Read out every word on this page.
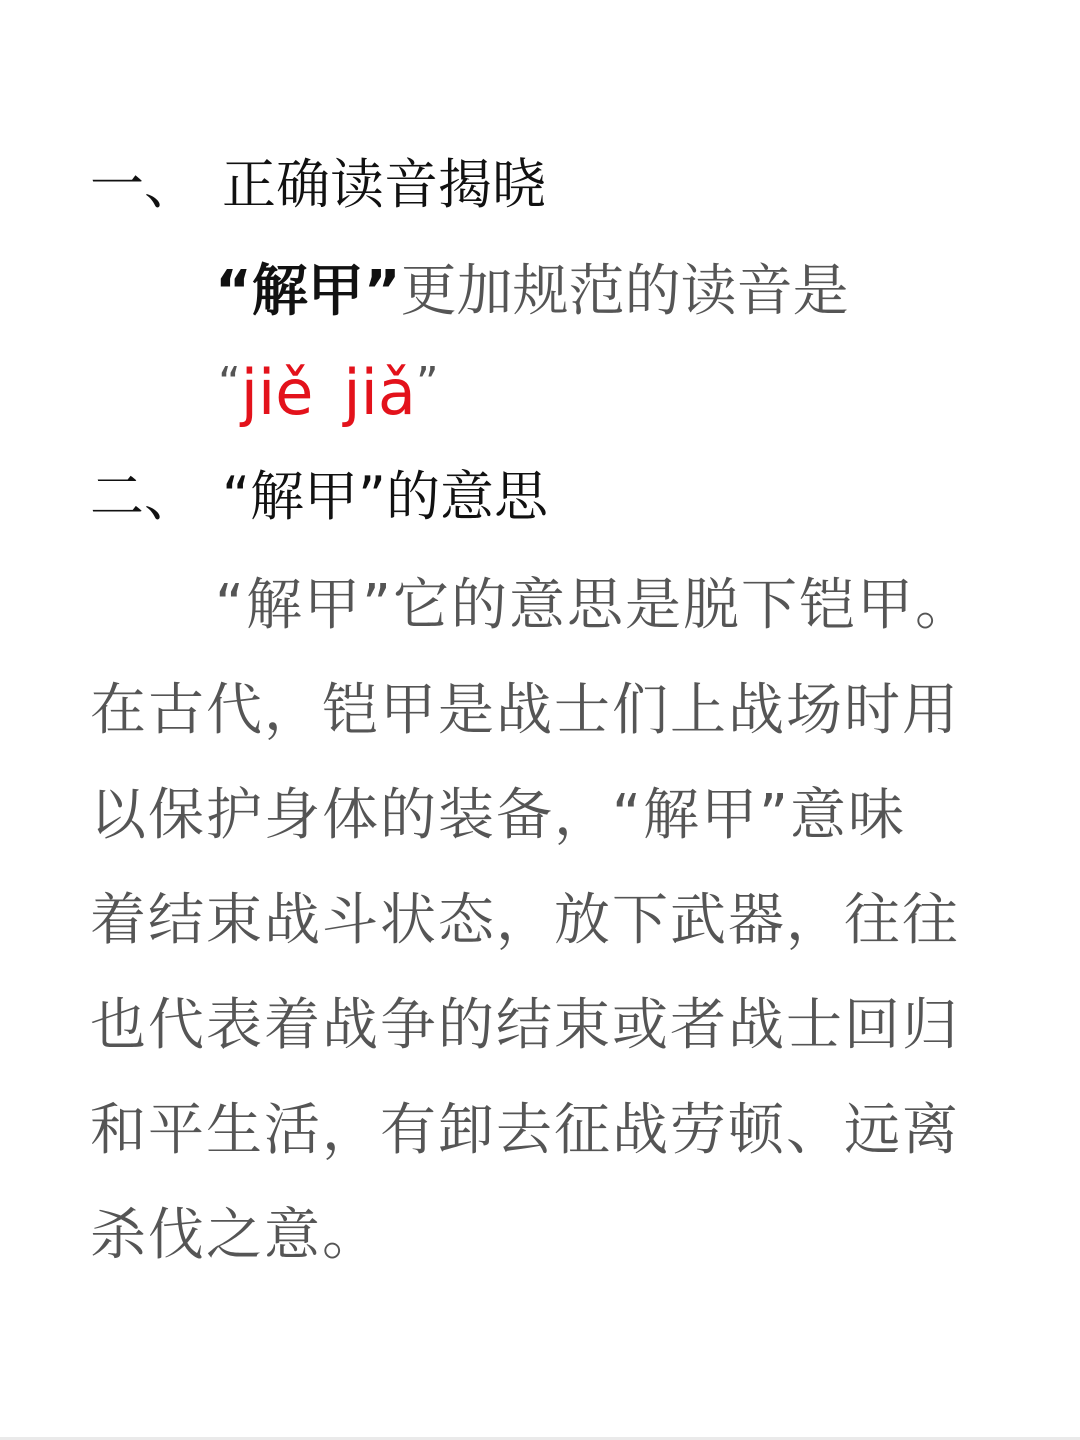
一、 正确读音揭晓
“解甲”更加规范的读音是
“jiě jiǎ”
二、 “解甲”的意思
“解甲”它的意思是脱下铠甲。
在古代，铠甲是战士们上战场时用
以保护身体的装备，“解甲”意味
着结束战斗状态，放下武器，往往
也代表着战争的结束或者战士回归
和平生活，有卸去征战劳顿、远离
杀伐之意。
